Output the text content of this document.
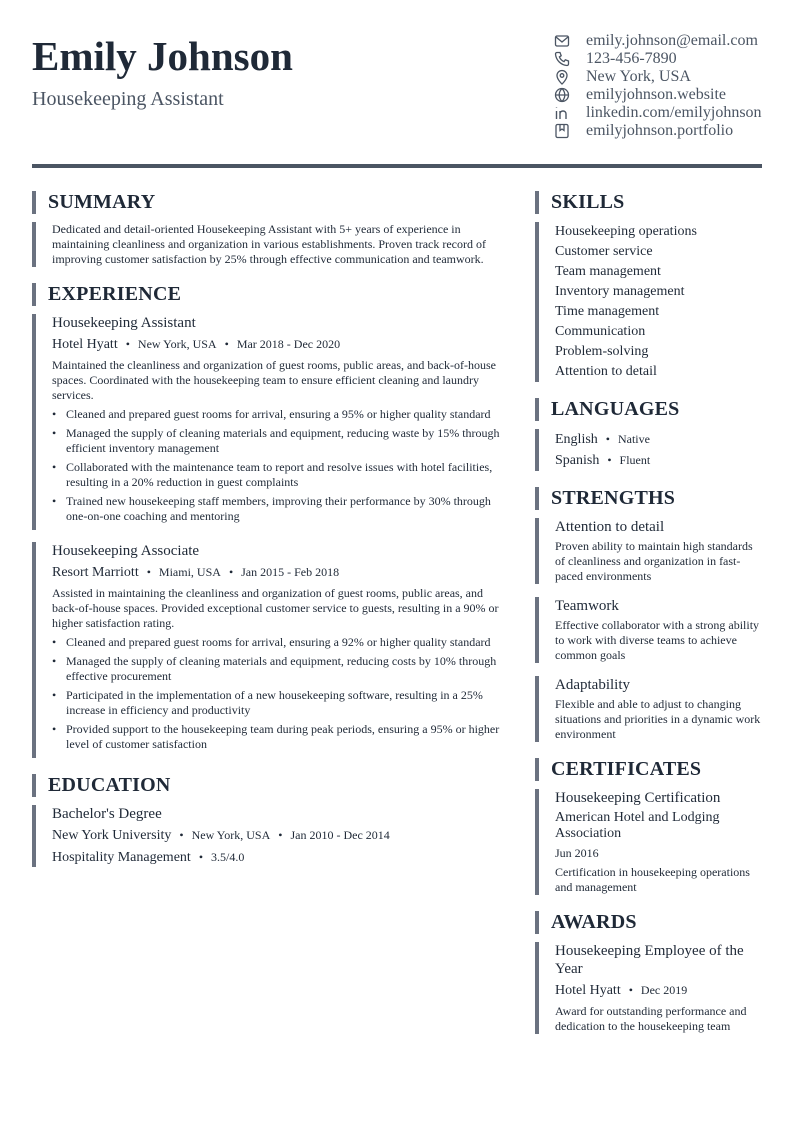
Emily Johnson
Housekeeping Assistant
emily.johnson@email.com
123-456-7890
New York, USA
emilyjohnson.website
linkedin.com/emilyjohnson
emilyjohnson.portfolio
SUMMARY
Dedicated and detail-oriented Housekeeping Assistant with 5+ years of experience in maintaining cleanliness and organization in various establishments. Proven track record of improving customer satisfaction by 25% through effective communication and teamwork.
EXPERIENCE
Housekeeping Assistant
Hotel Hyatt • New York, USA • Mar 2018 - Dec 2020
Maintained the cleanliness and organization of guest rooms, public areas, and back-of-house spaces. Coordinated with the housekeeping team to ensure efficient cleaning and laundry services.
• Cleaned and prepared guest rooms for arrival, ensuring a 95% or higher quality standard
• Managed the supply of cleaning materials and equipment, reducing waste by 15% through efficient inventory management
• Collaborated with the maintenance team to report and resolve issues with hotel facilities, resulting in a 20% reduction in guest complaints
• Trained new housekeeping staff members, improving their performance by 30% through one-on-one coaching and mentoring
Housekeeping Associate
Resort Marriott • Miami, USA • Jan 2015 - Feb 2018
Assisted in maintaining the cleanliness and organization of guest rooms, public areas, and back-of-house spaces. Provided exceptional customer service to guests, resulting in a 90% or higher satisfaction rating.
• Cleaned and prepared guest rooms for arrival, ensuring a 92% or higher quality standard
• Managed the supply of cleaning materials and equipment, reducing costs by 10% through effective procurement
• Participated in the implementation of a new housekeeping software, resulting in a 25% increase in efficiency and productivity
• Provided support to the housekeeping team during peak periods, ensuring a 95% or higher level of customer satisfaction
EDUCATION
Bachelor's Degree
New York University • New York, USA • Jan 2010 - Dec 2014
Hospitality Management • 3.5/4.0
SKILLS
Housekeeping operations
Customer service
Team management
Inventory management
Time management
Communication
Problem-solving
Attention to detail
LANGUAGES
English • Native
Spanish • Fluent
STRENGTHS
Attention to detail
Proven ability to maintain high standards of cleanliness and organization in fast-paced environments
Teamwork
Effective collaborator with a strong ability to work with diverse teams to achieve common goals
Adaptability
Flexible and able to adjust to changing situations and priorities in a dynamic work environment
CERTIFICATES
Housekeeping Certification
American Hotel and Lodging Association
Jun 2016
Certification in housekeeping operations and management
AWARDS
Housekeeping Employee of the Year
Hotel Hyatt • Dec 2019
Award for outstanding performance and dedication to the housekeeping team
